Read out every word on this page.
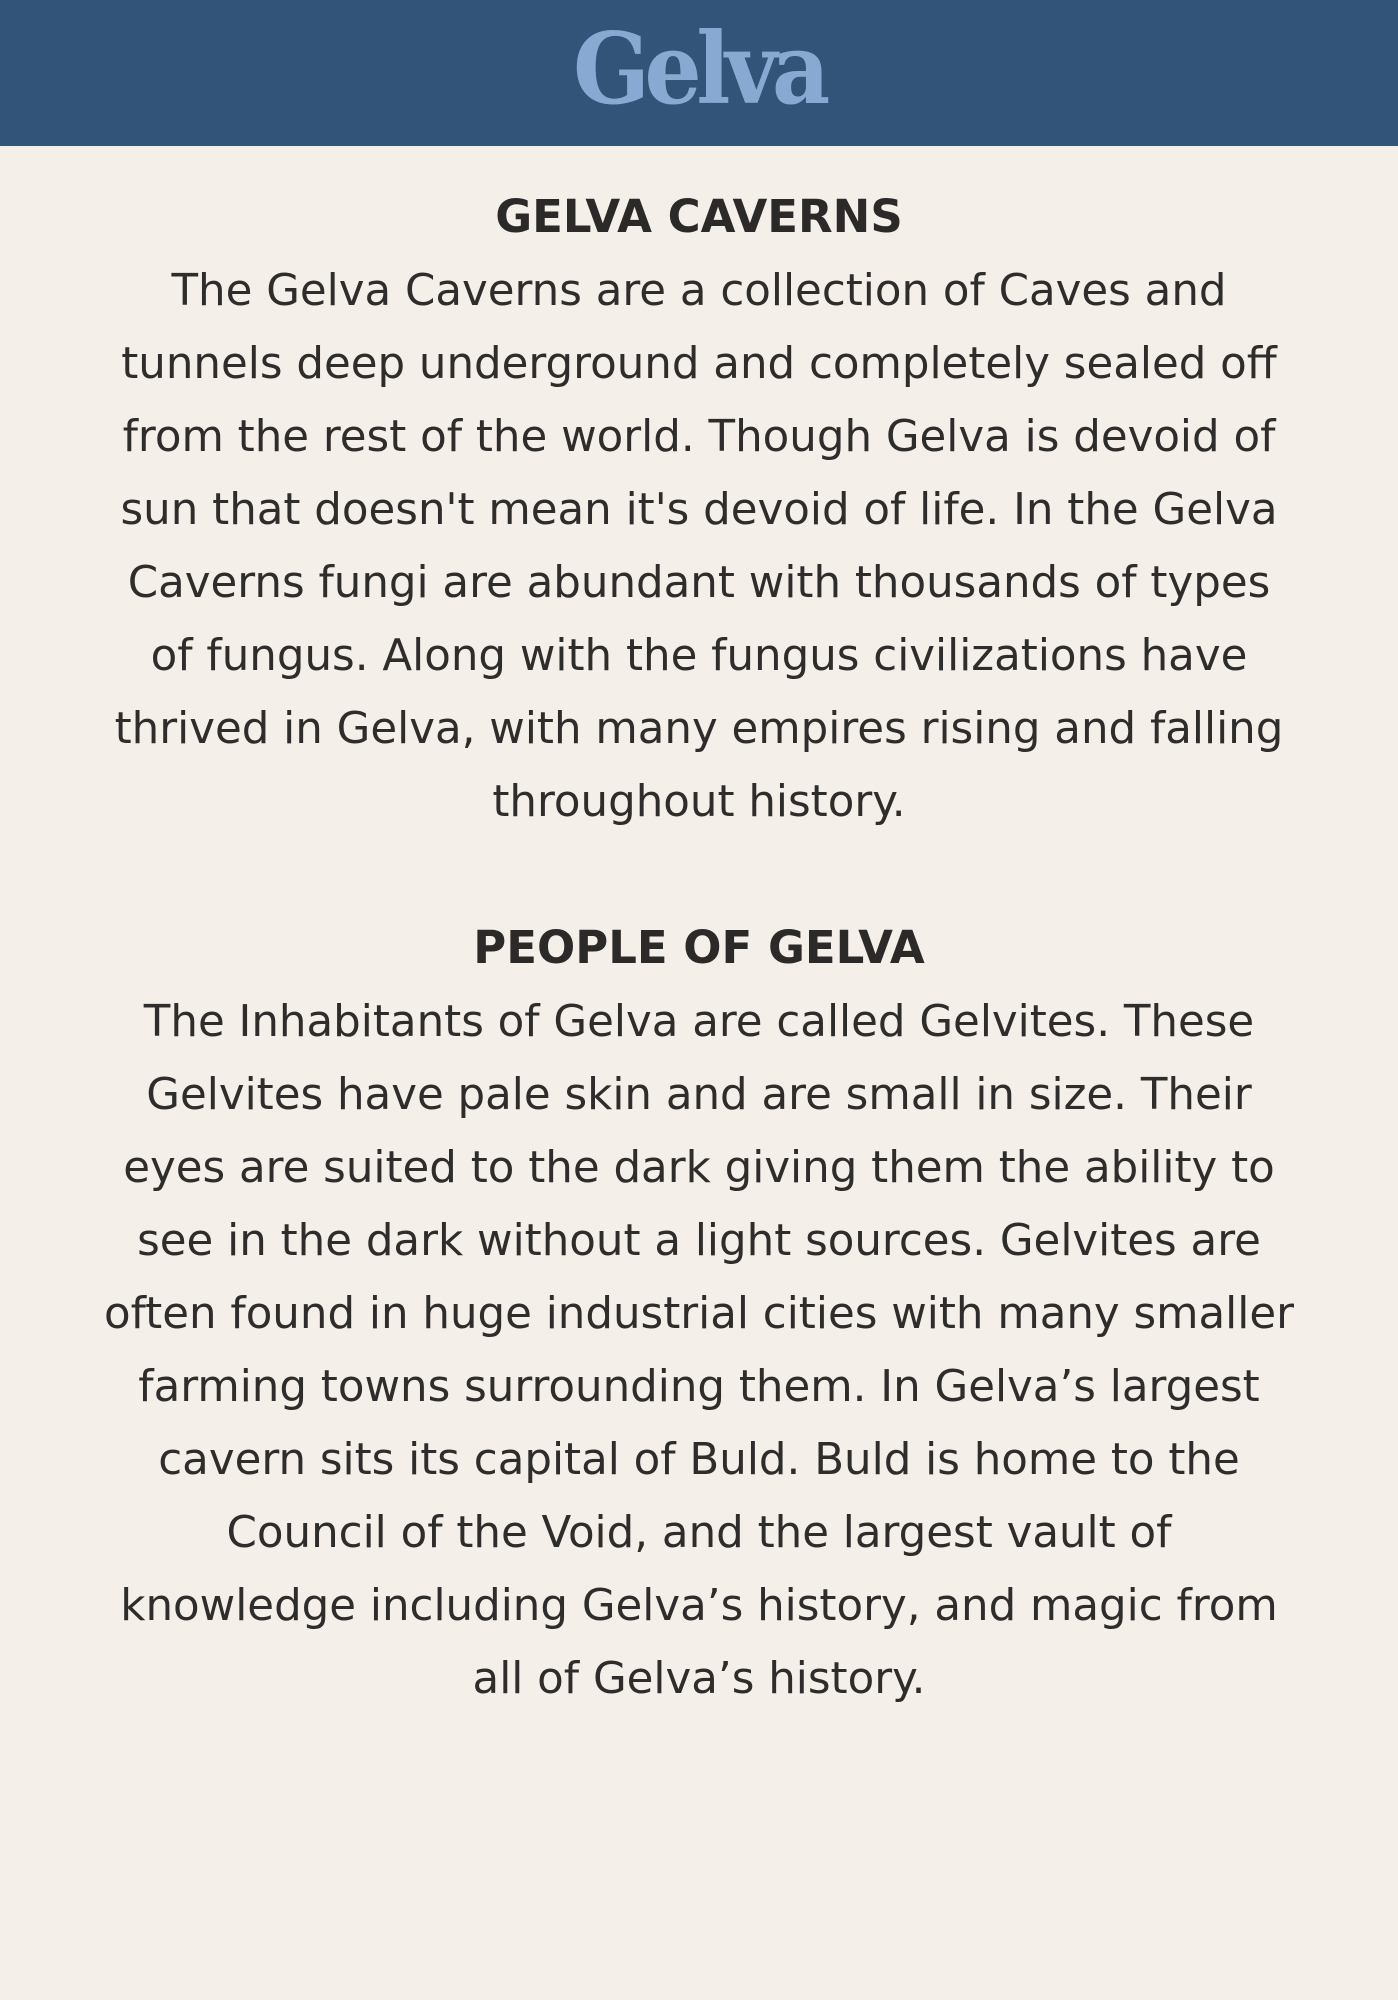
Gelva
GELVA CAVERNS

The Gelva Caverns are a collection of Caves and tunnels deep underground and completely sealed off from the rest of the world. Though Gelva is devoid of sun that doesn't mean it's devoid of life. In the Gelva Caverns fungi are abundant with thousands of types of fungus. Along with the fungus civilizations have thrived in Gelva, with many empires rising and falling throughout history.

PEOPLE OF GELVA

The Inhabitants of Gelva are called Gelvites. These Gelvites have pale skin and are small in size. Their eyes are suited to the dark giving them the ability to see in the dark without a light sources. Gelvites are often found in huge industrial cities with many smaller farming towns surrounding them. In Gelva’s largest cavern sits its capital of Buld. Buld is home to the Council of the Void, and the largest vault of knowledge including Gelva’s history, and magic from all of Gelva’s history.
